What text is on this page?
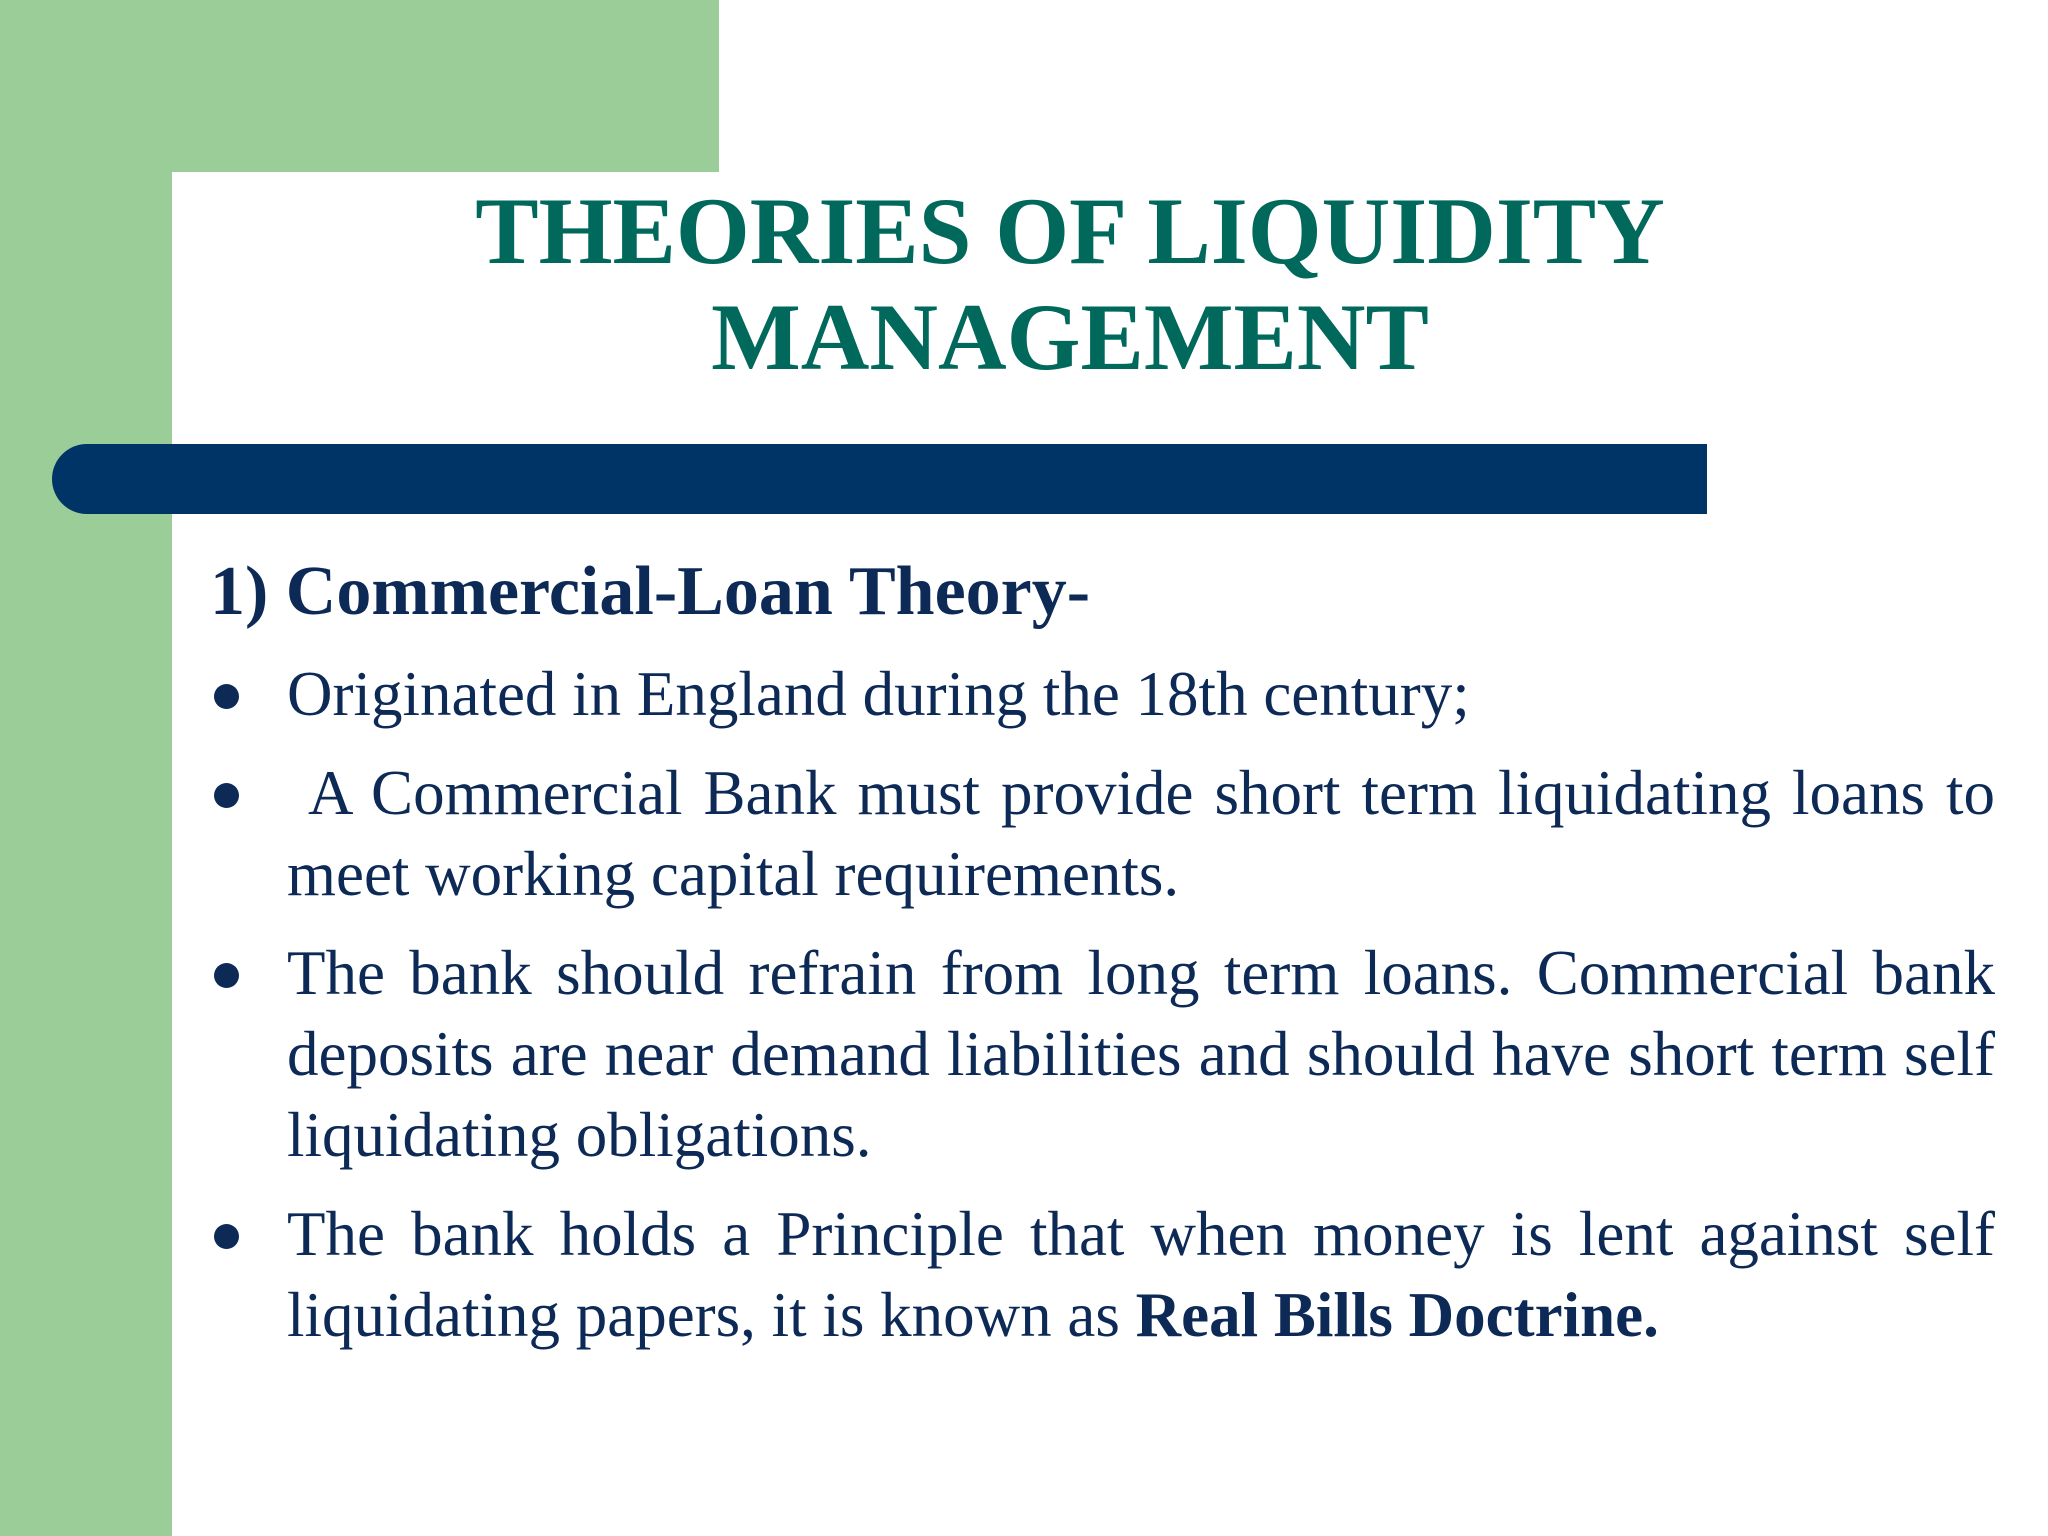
THEORIES OF LIQUIDITY
MANAGEMENT
1) Commercial-Loan Theory-
Originated in England during the 18th century;
A Commercial Bank must provide short term liquidating loans to meet working capital requirements.
The bank should refrain from long term loans. Commercial bank deposits are near demand liabilities and should have short term self liquidating obligations.
The bank holds a Principle that when money is lent against self liquidating papers, it is known as Real Bills Doctrine.
